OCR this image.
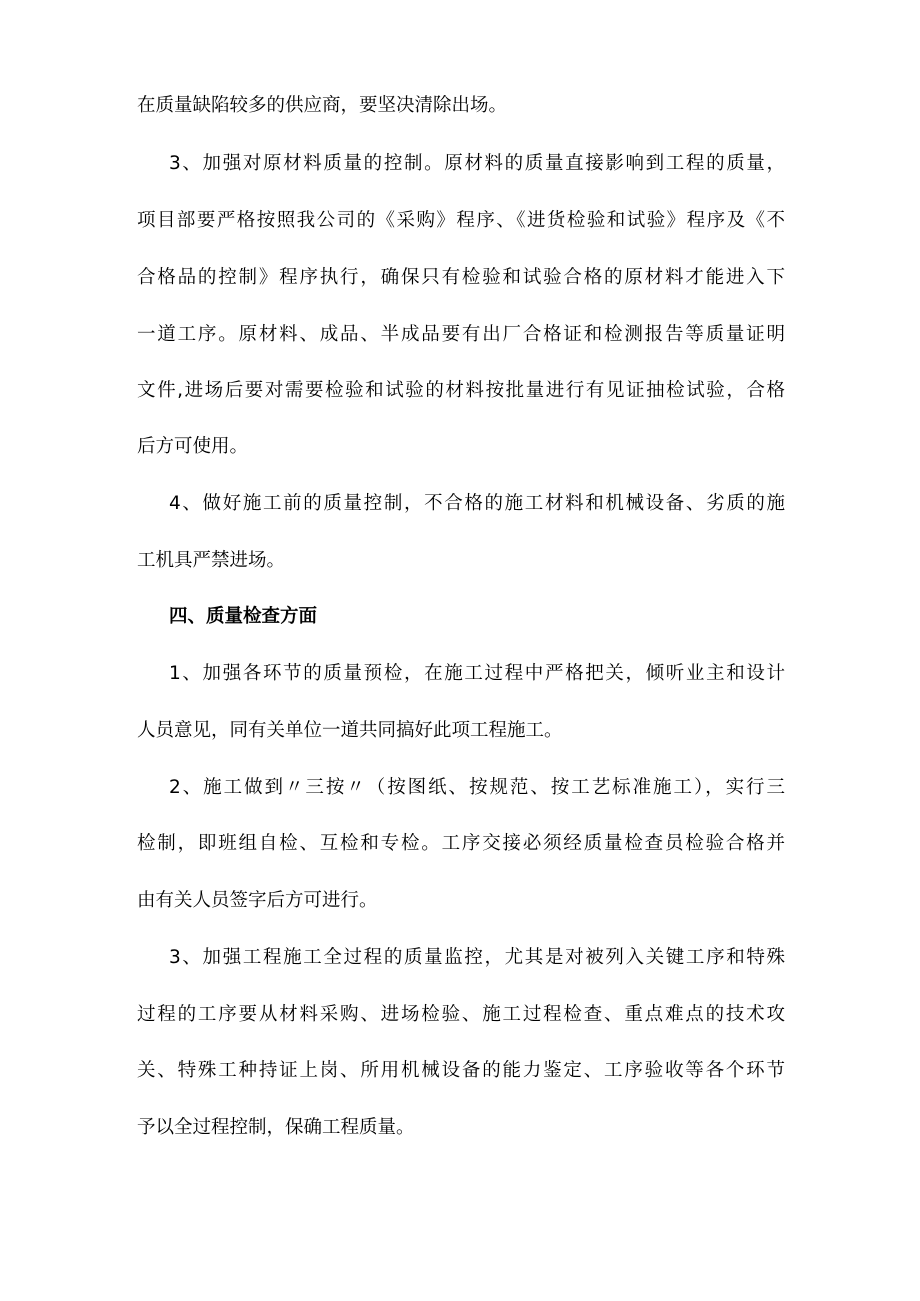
在质量缺陷较多的供应商，要坚决清除出场。
3、加强对原材料质量的控制。原材料的质量直接影响到工程的质量，
项目部要严格按照我公司的《采购》程序、《进货检验和试验》程序及《不
合格品的控制》程序执行，确保只有检验和试验合格的原材料才能进入下
一道工序。原材料、成品、半成品要有出厂合格证和检测报告等质量证明
文件,进场后要对需要检验和试验的材料按批量进行有见证抽检试验，合格
后方可使用。
4、做好施工前的质量控制，不合格的施工材料和机械设备、劣质的施
工机具严禁进场。
四、质量检查方面
1、加强各环节的质量预检，在施工过程中严格把关，倾听业主和设计
人员意见，同有关单位一道共同搞好此项工程施工。
2、施工做到〃三按〃（按图纸、按规范、按工艺标准施工），实行三
检制，即班组自检、互检和专检。工序交接必须经质量检查员检验合格并
由有关人员签字后方可进行。
3、加强工程施工全过程的质量监控，尤其是对被列入关键工序和特殊
过程的工序要从材料采购、进场检验、施工过程检查、重点难点的技术攻
关、特殊工种持证上岗、所用机械设备的能力鉴定、工序验收等各个环节
予以全过程控制，保确工程质量。
